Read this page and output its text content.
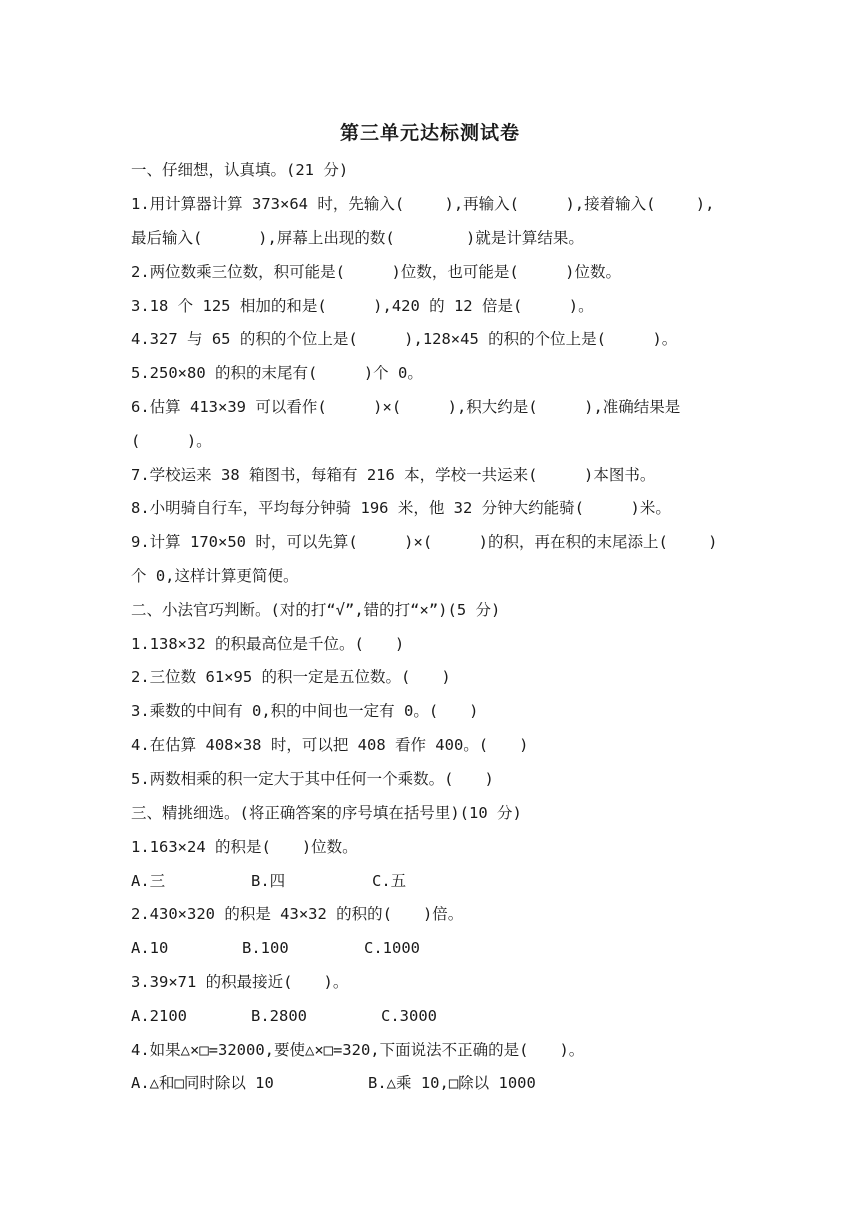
第三单元达标测试卷
一、仔细想，认真填。(21 分)
1.用计算器计算 373×64 时，先输入(　　 ),再输入(　　　),接着输入(　　 ),
最后输入(　　　 ),屏幕上出现的数(　　　　 )就是计算结果。
2.两位数乘三位数，积可能是(　　　)位数，也可能是(　　　)位数。
3.18 个 125 相加的和是(　　　),420 的 12 倍是(　　　)。
4.327 与 65 的积的个位上是(　　　),128×45 的积的个位上是(　　　)。
5.250×80 的积的末尾有(　　　)个 0。
6.估算 413×39 可以看作(　　　)×(　　　),积大约是(　　　),准确结果是
(　　　)。
7.学校运来 38 箱图书，每箱有 216 本，学校一共运来(　　　)本图书。
8.小明骑自行车，平均每分钟骑 196 米，他 32 分钟大约能骑(　　　)米。
9.计算 170×50 时，可以先算(　　　)×(　　　)的积，再在积的末尾添上(　　 )
个 0,这样计算更简便。
二、小法官巧判断。(对的打“√”,错的打“×”)(5 分)
1.138×32 的积最高位是千位。(　　)
2.三位数 61×95 的积一定是五位数。(　　)
3.乘数的中间有 0,积的中间也一定有 0。(　　)
4.在估算 408×38 时，可以把 408 看作 400。(　　)
5.两数相乘的积一定大于其中任何一个乘数。(　　)
三、精挑细选。(将正确答案的序号填在括号里)(10 分)
1.163×24 的积是(　　)位数。
A.三	B.四	C.五
2.430×320 的积是 43×32 的积的(　　)倍。
A.10	B.100	C.1000
3.39×71 的积最接近(　　)。
A.2100	B.2800	C.3000
4.如果△×□=32000,要使△×□=320,下面说法不正确的是(　　)。
A.△和□同时除以 10	B.△乘 10,□除以 1000
